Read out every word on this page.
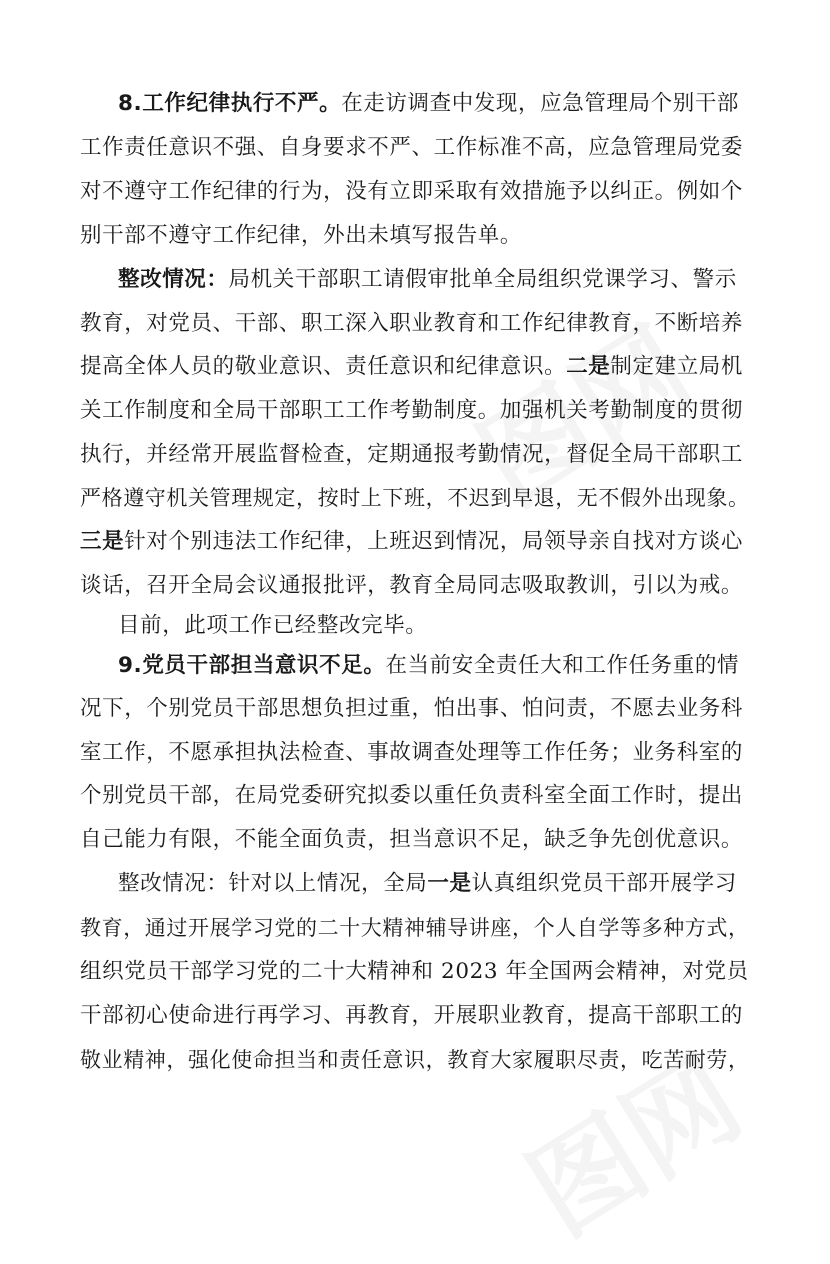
8.工作纪律执行不严。在走访调查中发现，应急管理局个别干部
工作责任意识不强、自身要求不严、工作标准不高，应急管理局党委
对不遵守工作纪律的行为，没有立即采取有效措施予以纠正。例如个
别干部不遵守工作纪律，外出未填写报告单。
整改情况：局机关干部职工请假审批单全局组织党课学习、警示
教育，对党员、干部、职工深入职业教育和工作纪律教育，不断培养
提高全体人员的敬业意识、责任意识和纪律意识。二是制定建立局机
关工作制度和全局干部职工工作考勤制度。加强机关考勤制度的贯彻
执行，并经常开展监督检查，定期通报考勤情况，督促全局干部职工
严格遵守机关管理规定，按时上下班，不迟到早退，无不假外出现象。
三是针对个别违法工作纪律，上班迟到情况，局领导亲自找对方谈心
谈话，召开全局会议通报批评，教育全局同志吸取教训，引以为戒。
目前，此项工作已经整改完毕。
9.党员干部担当意识不足。在当前安全责任大和工作任务重的情
况下，个别党员干部思想负担过重，怕出事、怕问责，不愿去业务科
室工作，不愿承担执法检查、事故调查处理等工作任务；业务科室的
个别党员干部，在局党委研究拟委以重任负责科室全面工作时，提出
自己能力有限，不能全面负责，担当意识不足，缺乏争先创优意识。
整改情况：针对以上情况，全局一是认真组织党员干部开展学习
教育，通过开展学习党的二十大精神辅导讲座，个人自学等多种方式，
组织党员干部学习党的二十大精神和 2023 年全国两会精神，对党员
干部初心使命进行再学习、再教育，开展职业教育，提高干部职工的
敬业精神，强化使命担当和责任意识，教育大家履职尽责，吃苦耐劳，
